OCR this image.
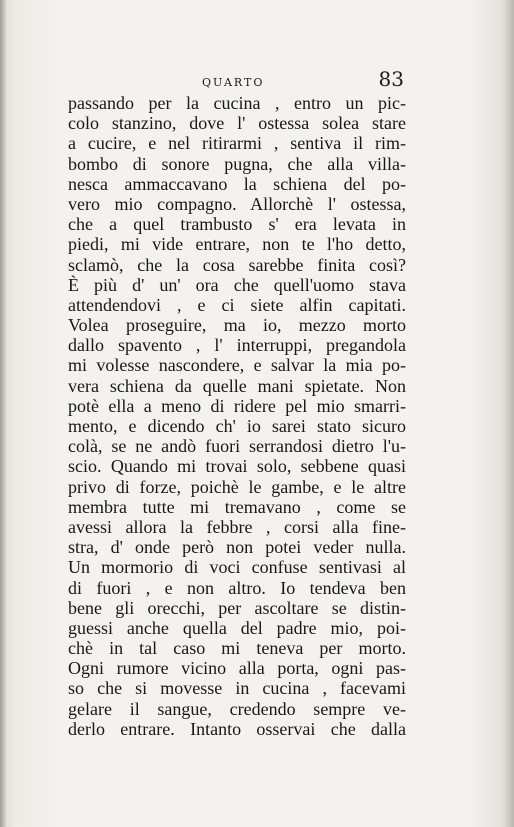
QUARTO	83
passando per la cucina , entro un pic-
colo stanzino, dove l' ostessa solea stare
a cucire, e nel ritirarmi , sentiva il rim-
bombo di sonore pugna, che alla villa-
nesca ammaccavano la schiena del po-
vero mio compagno. Allorchè l' ostessa,
che a quel trambusto s' era levata in
piedi, mi vide entrare, non te l'ho detto,
sclamò, che la cosa sarebbe finita così?
È più d' un' ora che quell'uomo stava
attendendovi , e ci siete alfin capitati.
Volea proseguire, ma io, mezzo morto
dallo spavento , l' interruppi, pregandola
mi volesse nascondere, e salvar la mia po-
vera schiena da quelle mani spietate. Non
potè ella a meno di ridere pel mio smarri-
mento, e dicendo ch' io sarei stato sicuro
colà, se ne andò fuori serrandosi dietro l'u-
scio. Quando mi trovai solo, sebbene quasi
privo di forze, poichè le gambe, e le altre
membra tutte mi tremavano , come se
avessi allora la febbre , corsi alla fine-
stra, d' onde però non potei veder nulla.
Un mormorio di voci confuse sentivasi al
di fuori , e non altro. Io tendeva ben
bene gli orecchi, per ascoltare se distin-
guessi anche quella del padre mio, poi-
chè in tal caso mi teneva per morto.
Ogni rumore vicino alla porta, ogni pas-
so che si movesse in cucina , facevami
gelare il sangue, credendo sempre ve-
derlo entrare. Intanto osservai che dalla
